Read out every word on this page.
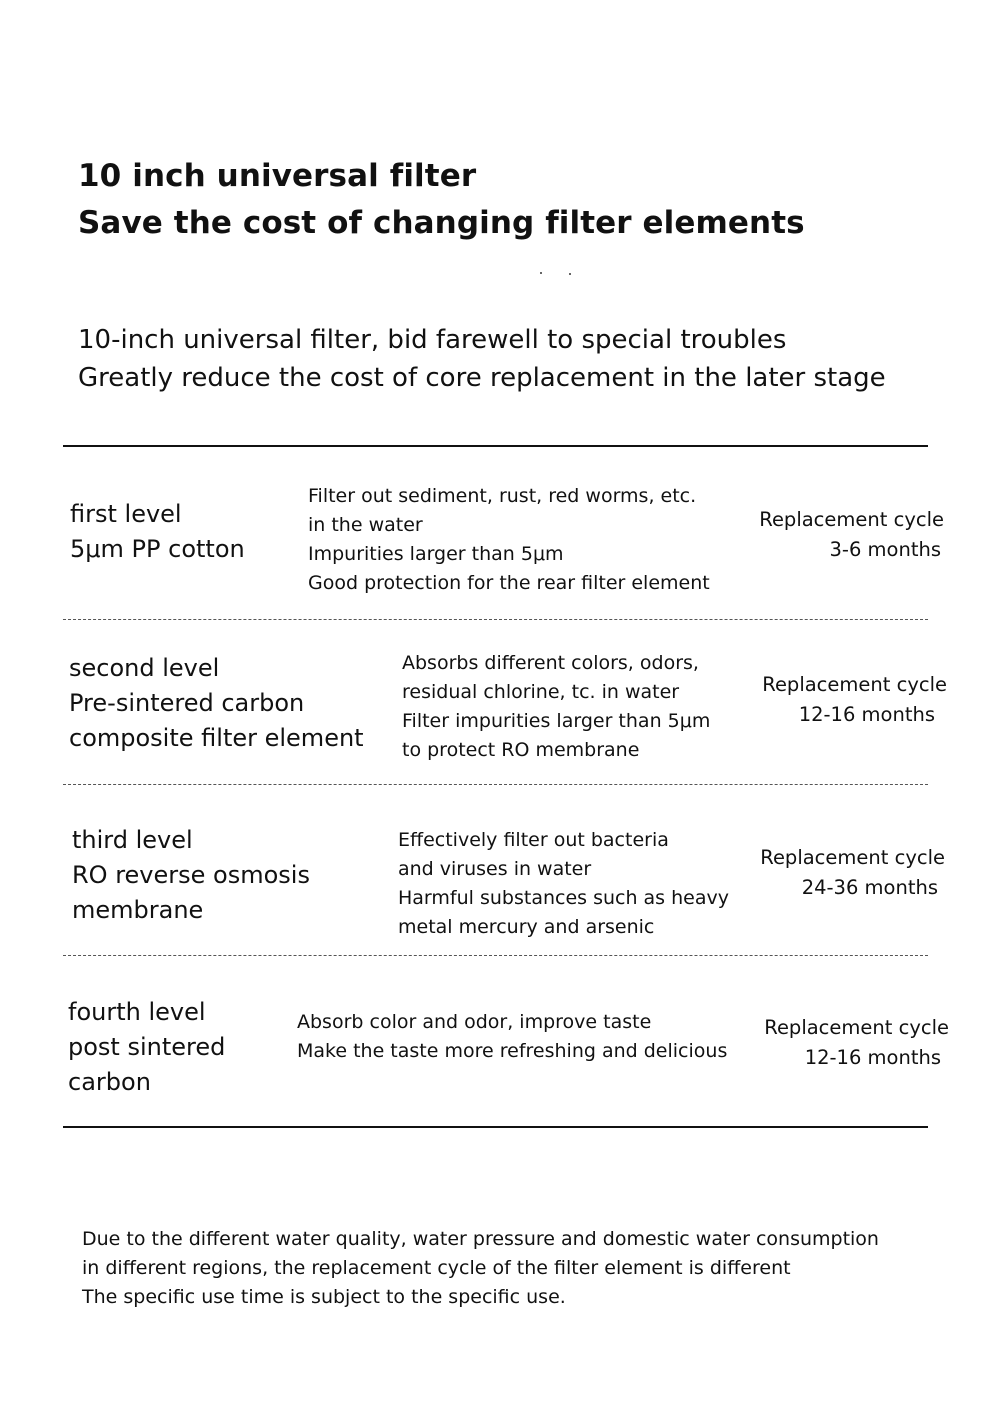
10 inch universal filter
Save the cost of changing filter elements
10-inch universal filter, bid farewell to special troubles
Greatly reduce the cost of core replacement in the later stage
first level
5μm PP cotton
Filter out sediment, rust, red worms, etc.
in the water
Impurities larger than 5μm
Good protection for the rear filter element
Replacement cycle
3-6 months
second level
Pre-sintered carbon
composite filter element
Absorbs different colors, odors,
residual chlorine, tc. in water
Filter impurities larger than 5μm
to protect RO membrane
Replacement cycle
12-16 months
third level
RO reverse osmosis
membrane
Effectively filter out bacteria
and viruses in water
Harmful substances such as heavy
metal mercury and arsenic
Replacement cycle
24-36 months
fourth level
post sintered
carbon
Absorb color and odor, improve taste
Make the taste more refreshing and delicious
Replacement cycle
12-16 months
Due to the different water quality, water pressure and domestic water consumption
in different regions, the replacement cycle of the filter element is different
The specific use time is subject to the specific use.
